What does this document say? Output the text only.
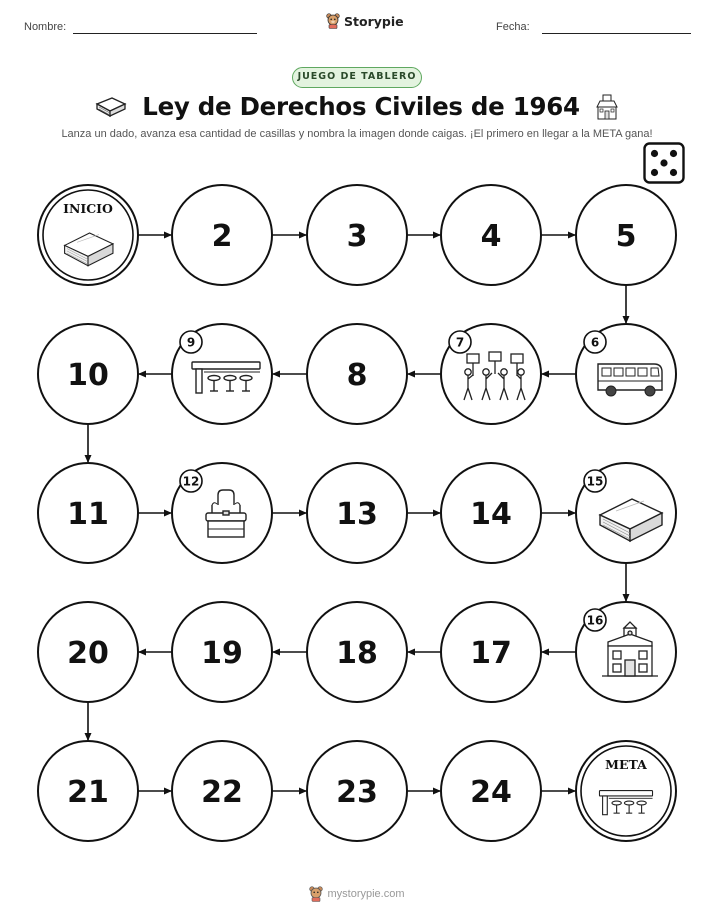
Nombre:	Storypie	Fecha:
JUEGO DE TABLERO
Ley de Derechos Civiles de 1964
Lanza un dado, avanza esa cantidad de casillas y nombra la imagen donde caigas. ¡El primero en llegar a la META gana!
INICIO
2	3	4	5
6
7
8
9
10
11
12
13	14
15
16
17
18
19
20
21	22	23	24
META
mystorypie.com
